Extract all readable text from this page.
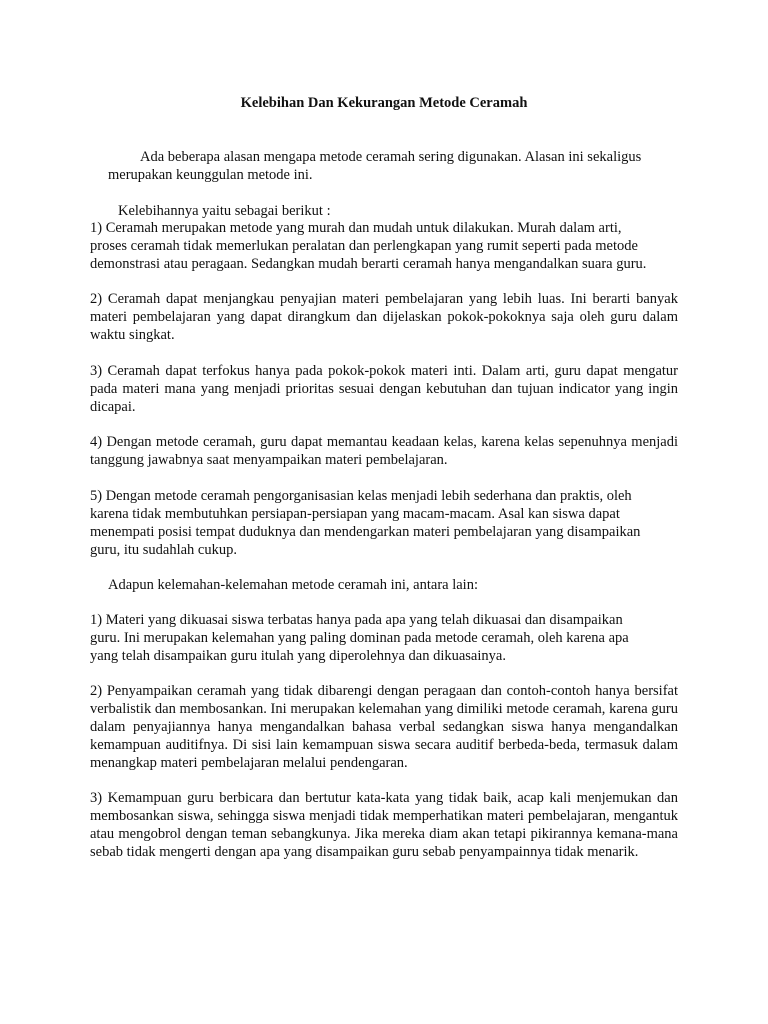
Kelebihan Dan Kekurangan Metode Ceramah
Ada beberapa alasan mengapa metode ceramah sering digunakan. Alasan ini sekaligus
merupakan keunggulan metode ini.
Kelebihannya yaitu sebagai berikut :
1) Ceramah merupakan metode yang murah dan mudah untuk dilakukan. Murah dalam arti,
proses ceramah tidak memerlukan peralatan dan perlengkapan yang rumit seperti pada metode
demonstrasi atau peragaan. Sedangkan mudah berarti ceramah hanya mengandalkan suara guru.

2) Ceramah dapat menjangkau penyajian materi pembelajaran yang lebih luas. Ini berarti banyak materi pembelajaran yang dapat dirangkum dan dijelaskan pokok-pokoknya saja oleh guru dalam waktu singkat.

3) Ceramah dapat terfokus hanya pada pokok-pokok materi inti. Dalam arti, guru dapat mengatur pada materi mana yang menjadi prioritas sesuai dengan kebutuhan dan tujuan indicator yang ingin dicapai.

4) Dengan metode ceramah, guru dapat memantau keadaan kelas, karena kelas sepenuhnya menjadi tanggung jawabnya saat menyampaikan materi pembelajaran.

5) Dengan metode ceramah pengorganisasian kelas menjadi lebih sederhana dan praktis, oleh
karena tidak membutuhkan persiapan-persiapan yang macam-macam. Asal kan siswa dapat
menempati posisi tempat duduknya dan mendengarkan materi pembelajaran yang disampaikan
guru, itu sudahlah cukup.
Adapun kelemahan-kelemahan metode ceramah ini, antara lain:
1) Materi yang dikuasai siswa terbatas hanya pada apa yang telah dikuasai dan disampaikan
guru. Ini merupakan kelemahan yang paling dominan pada metode ceramah, oleh karena apa
yang telah disampaikan guru itulah yang diperolehnya dan dikuasainya.

2) Penyampaikan ceramah yang tidak dibarengi dengan peragaan dan contoh-contoh hanya bersifat verbalistik dan membosankan. Ini merupakan kelemahan yang dimiliki metode ceramah, karena guru dalam penyajiannya hanya mengandalkan bahasa verbal sedangkan siswa hanya mengandalkan kemampuan auditifnya. Di sisi lain kemampuan siswa secara auditif berbeda-beda, termasuk dalam menangkap materi pembelajaran melalui pendengaran.

3) Kemampuan guru berbicara dan bertutur kata-kata yang tidak baik, acap kali menjemukan dan membosankan siswa, sehingga siswa menjadi tidak memperhatikan materi pembelajaran, mengantuk atau mengobrol dengan teman sebangkunya. Jika mereka diam akan tetapi pikirannya kemana-mana sebab tidak mengerti dengan apa yang disampaikan guru sebab penyampainnya tidak menarik.
